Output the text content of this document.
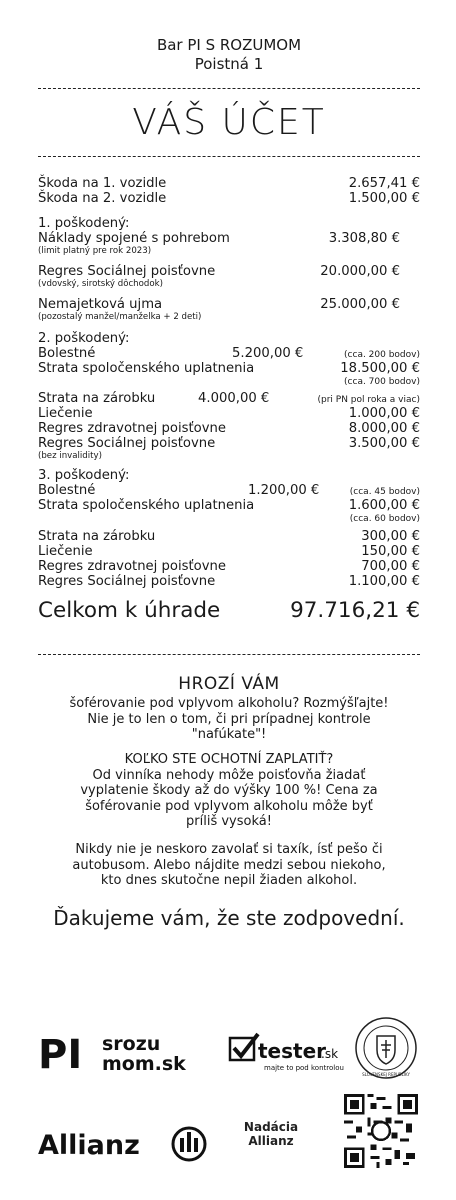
Bar PI S ROZUMOM
Poistná 1
VÁŠ ÚČET
Škoda na 1. vozidle	2.657,41 €
Škoda na 2. vozidle	1.500,00 €
1. poškodený:
Náklady spojené s pohrebom	3.308,80 €
(limit platný pre rok 2023)
Regres Sociálnej poisťovne	20.000,00 €
(vdovský, sirotský dôchodok)
Nemajetková ujma	25.000,00 €
(pozostalý manžel/manželka + 2 deti)
2. poškodený:
Bolestné	5.200,00 €	(cca. 200 bodov)
Strata spoločenského uplatnenia	18.500,00 €
(cca. 700 bodov)
Strata na zárobku	4.000,00 €	(pri PN pol roka a viac)
Liečenie	1.000,00 €
Regres zdravotnej poisťovne	8.000,00 €
Regres Sociálnej poisťovne	3.500,00 €
(bez invalidity)
3. poškodený:
Bolestné	1.200,00 €	(cca. 45 bodov)
Strata spoločenského uplatnenia	1.600,00 €
(cca. 60 bodov)
Strata na zárobku	300,00 €
Liečenie	150,00 €
Regres zdravotnej poisťovne	700,00 €
Regres Sociálnej poisťovne	1.100,00 €
Celkom k úhrade	97.716,21 €
HROZÍ VÁM
šoférovanie pod vplyvom alkoholu? Rozmýšľajte!
Nie je to len o tom, či pri prípadnej kontrole
"nafúkate"!
KOĽKO STE OCHOTNÍ ZAPLATIŤ?
Od vinníka nehody môže poisťovňa žiadať
vyplatenie škody až do výšky 100 %! Cena za
šoférovanie pod vplyvom alkoholu môže byť
príliš vysoká!
Nikdy nie je neskoro zavolať si taxík, ísť pešo či
autobusom. Alebo nájdite medzi sebou niekoho,
kto dnes skutočne nepil žiaden alkohol.
Ďakujeme vám, že ste zodpovední.
PI srozu
mom.sk
tester
.sk
majte to pod kontrolou
SLOVENSKEJ REPUBLIKY
Allianz
Nadácia
Allianz
